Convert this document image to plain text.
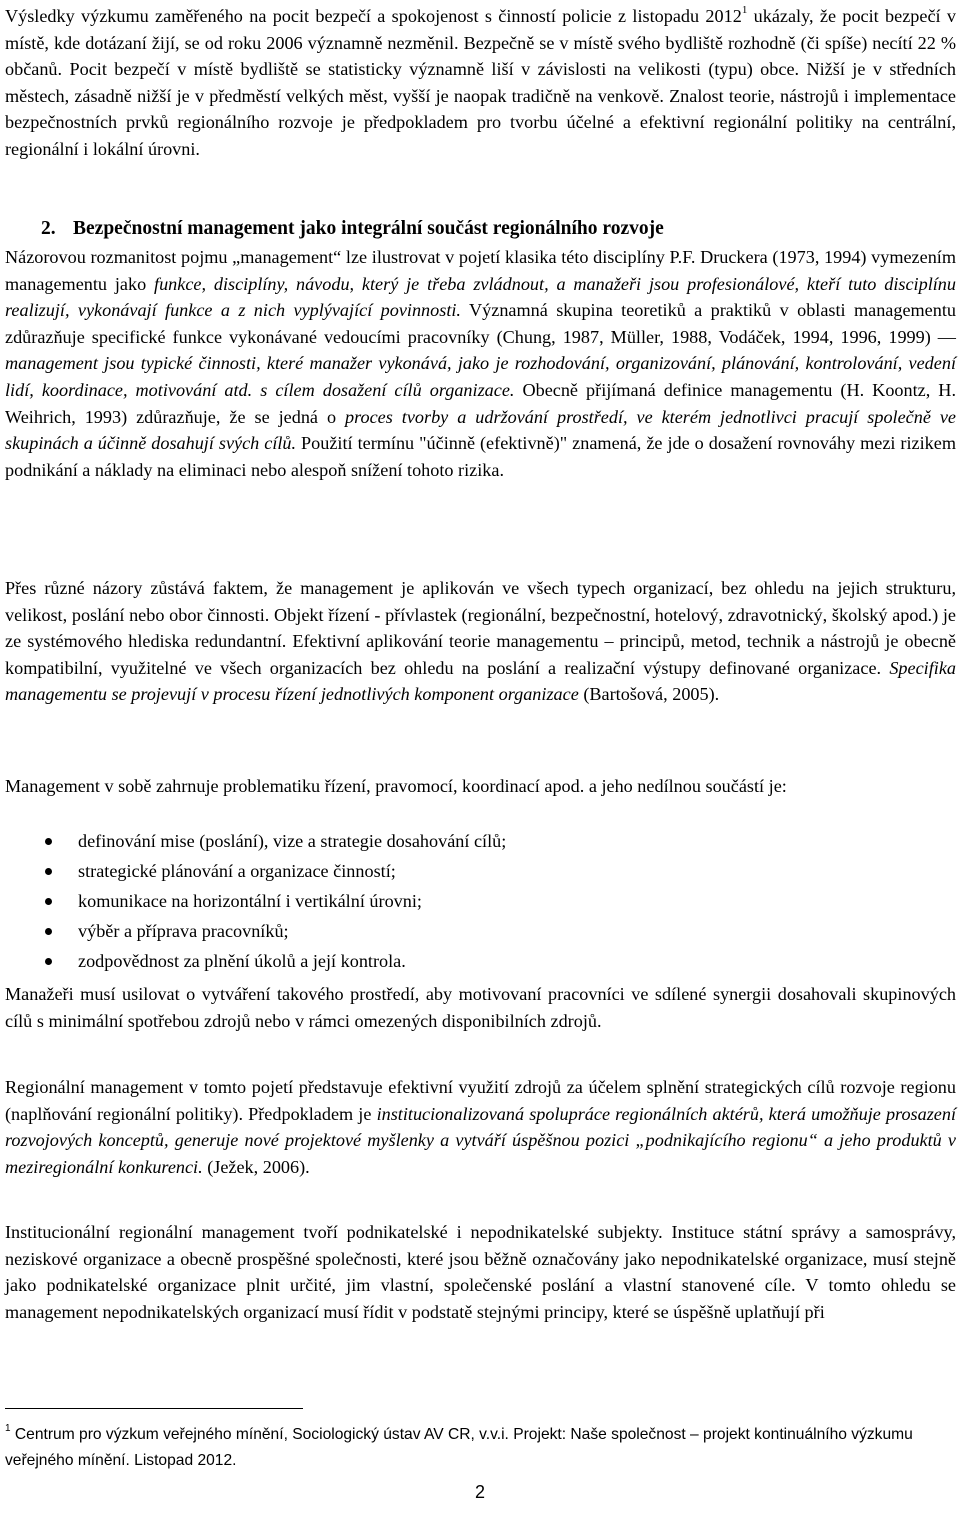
Výsledky výzkumu zaměřeného na pocit bezpečí a spokojenost s činností policie z listopadu 2012$^1$ ukázaly, že pocit bezpečí v místě, kde dotázaní žijí, se od roku 2006 významně nezměnil. Bezpečně se v místě svého bydliště rozhodně (či spíše) necítí 22 % občanů. Pocit bezpečí v místě bydliště se statisticky významně liší v závislosti na velikosti (typu) obce. Nižší je v středních městech, zásadně nižší je v předměstí velkých měst, vyšší je naopak tradičně na venkově. Znalost teorie, nástrojů i implementace bezpečnostních prvků regionálního rozvoje je předpokladem pro tvorbu účelné a efektivní regionální politiky na centrální, regionální i lokální úrovni.

2. Bezpečnostní management jako integrální součást regionálního rozvoje

Názorovou rozmanitost pojmu „management“ lze ilustrovat v pojetí klasika této disciplíny P.F. Druckera (1973, 1994) vymezením managementu jako funkce, disciplíny, návodu, který je třeba zvládnout, a manažeři jsou profesionálové, kteří tuto disciplínu realizují, vykonávají funkce a z nich vyplývající povinnosti. Významná skupina teoretiků a praktiků v oblasti managementu zdůrazňuje specifické funkce vykonávané vedoucími pracovníky (Chung, 1987, Müller, 1988, Vodáček, 1994, 1996, 1999) — management jsou typické činnosti, které manažer vykonává, jako je rozhodování, organizování, plánování, kontrolování, vedení lidí, koordinace, motivování atd. s cílem dosažení cílů organizace. Obecně přijímaná definice managementu (H. Koontz, H. Weihrich, 1993) zdůrazňuje, že se jedná o proces tvorby a udržování prostředí, ve kterém jednotlivci pracují společně ve skupinách a účinně dosahují svých cílů. Použití termínu "účinně (efektivně)" znamená, že jde o dosažení rovnováhy mezi rizikem podnikání a náklady na eliminaci nebo alespoň snížení tohoto rizika.

Přes různé názory zůstává faktem, že management je aplikován ve všech typech organizací, bez ohledu na jejich strukturu, velikost, poslání nebo obor činnosti. Objekt řízení - přívlastek (regionální, bezpečnostní, hotelový, zdravotnický, školský apod.) je ze systémového hlediska redundantní. Efektivní aplikování teorie managementu – principů, metod, technik a nástrojů je obecně kompatibilní, využitelné ve všech organizacích bez ohledu na poslání a realizační výstupy definované organizace. Specifika managementu se projevují v procesu řízení jednotlivých komponent organizace (Bartošová, 2005).

Management v sobě zahrnuje problematiku řízení, pravomocí, koordinací apod. a jeho nedílnou součástí je:

definování mise (poslání), vize a strategie dosahování cílů;
strategické plánování a organizace činností;
komunikace na horizontální i vertikální úrovni;
výběr a příprava pracovníků;
zodpovědnost za plnění úkolů a její kontrola.

Manažeři musí usilovat o vytváření takového prostředí, aby motivovaní pracovníci ve sdílené synergii dosahovali skupinových cílů s minimální spotřebou zdrojů nebo v rámci omezených disponibilních zdrojů.

Regionální management v tomto pojetí představuje efektivní využití zdrojů za účelem splnění strategických cílů rozvoje regionu (naplňování regionální politiky). Předpokladem je institucionalizovaná spolupráce regionálních aktérů, která umožňuje prosazení rozvojových konceptů, generuje nové projektové myšlenky a vytváří úspěšnou pozici „podnikajícího regionu“ a jeho produktů v meziregionální konkurenci. (Ježek, 2006).

Institucionální regionální management tvoří podnikatelské i nepodnikatelské subjekty. Instituce státní správy a samosprávy, neziskové organizace a obecně prospěšné společnosti, které jsou běžně označovány jako nepodnikatelské organizace, musí stejně jako podnikatelské organizace plnit určité, jim vlastní, společenské poslání a vlastní stanovené cíle. V tomto ohledu se management nepodnikatelských organizací musí řídit v podstatě stejnými principy, které se úspěšně uplatňují při

$^1$ Centrum pro výzkum veřejného mínění, Sociologický ústav AV CR, v.v.i. Projekt: Naše společnost – projekt kontinuálního výzkumu veřejného mínění. Listopad 2012.

2
